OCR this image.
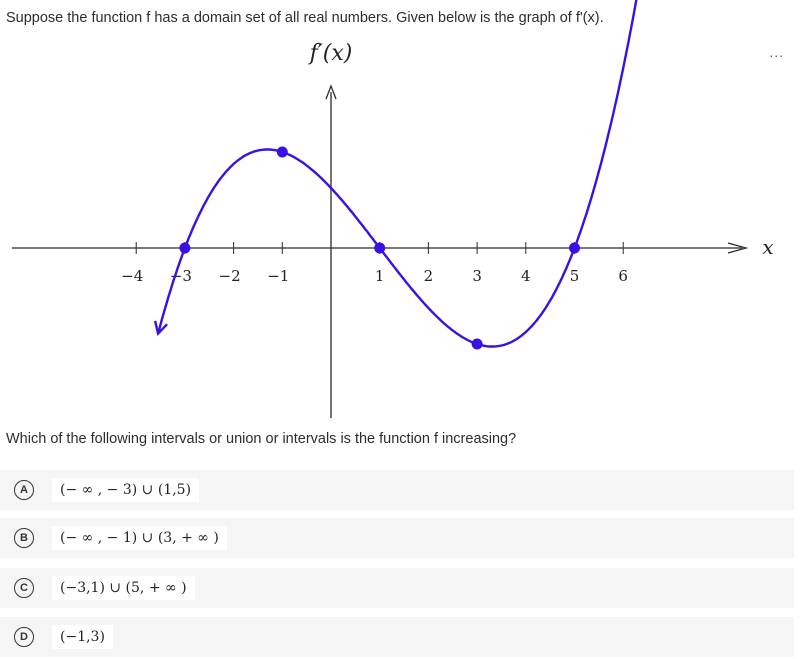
Suppose the function f has a domain set of all real numbers. Given below is the graph of f'(x).
...
f′(x)
x
−4 −3 −2 −1	1	2	3	4	5	6
Which of the following intervals or union or intervals is the function f increasing?
A	(− ∞ , − 3) ∪ (1,5)
B	(− ∞ , − 1) ∪ (3, + ∞ )
C	(−3,1) ∪ (5, + ∞ )
D	(−1,3)
